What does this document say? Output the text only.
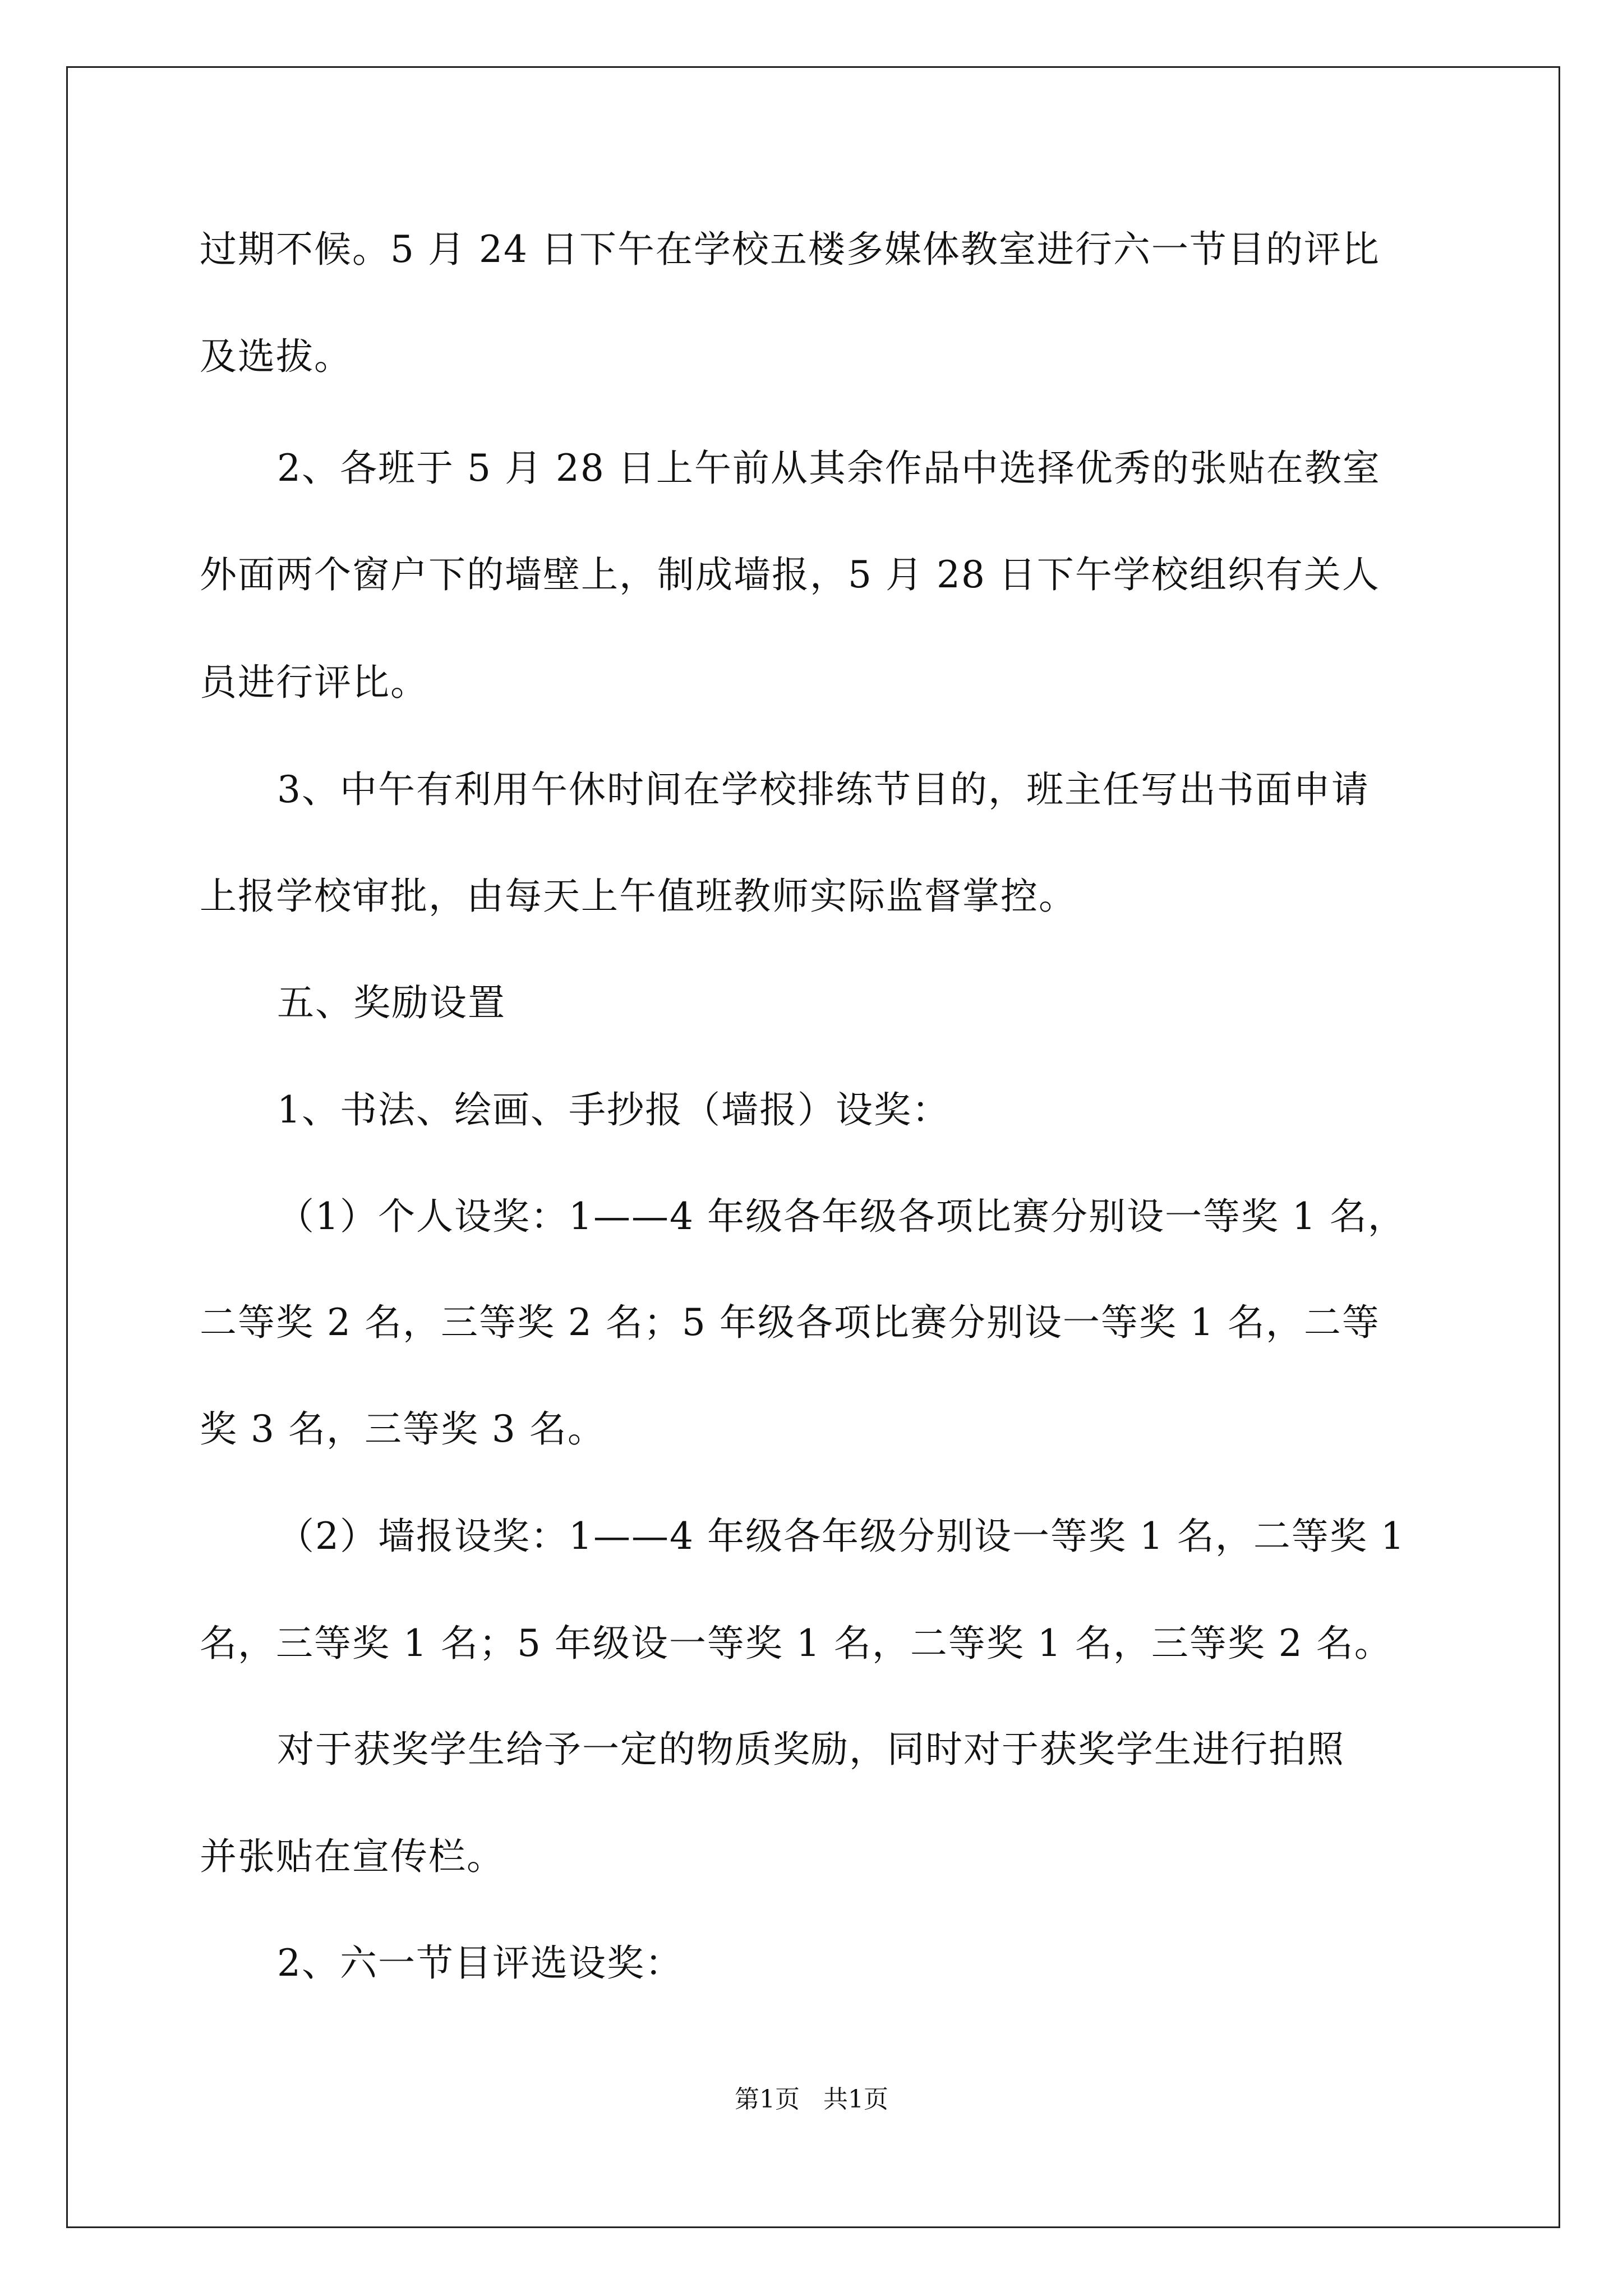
过期不候。5 月 24 日下午在学校五楼多媒体教室进行六一节目的评比
及选拔。
2、各班于 5 月 28 日上午前从其余作品中选择优秀的张贴在教室
外面两个窗户下的墙壁上，制成墙报，5 月 28 日下午学校组织有关人
员进行评比。
3、中午有利用午休时间在学校排练节目的，班主任写出书面申请
上报学校审批，由每天上午值班教师实际监督掌控。
五、奖励设置
1、书法、绘画、手抄报（墙报）设奖：
（1）个人设奖：1——4 年级各年级各项比赛分别设一等奖 1 名，
二等奖 2 名，三等奖 2 名；5 年级各项比赛分别设一等奖 1 名，二等
奖 3 名，三等奖 3 名。
（2）墙报设奖：1——4 年级各年级分别设一等奖 1 名，二等奖 1
名，三等奖 1 名；5 年级设一等奖 1 名，二等奖 1 名，三等奖 2 名。
对于获奖学生给予一定的物质奖励，同时对于获奖学生进行拍照
并张贴在宣传栏。
2、六一节目评选设奖：
第1页   共1页
